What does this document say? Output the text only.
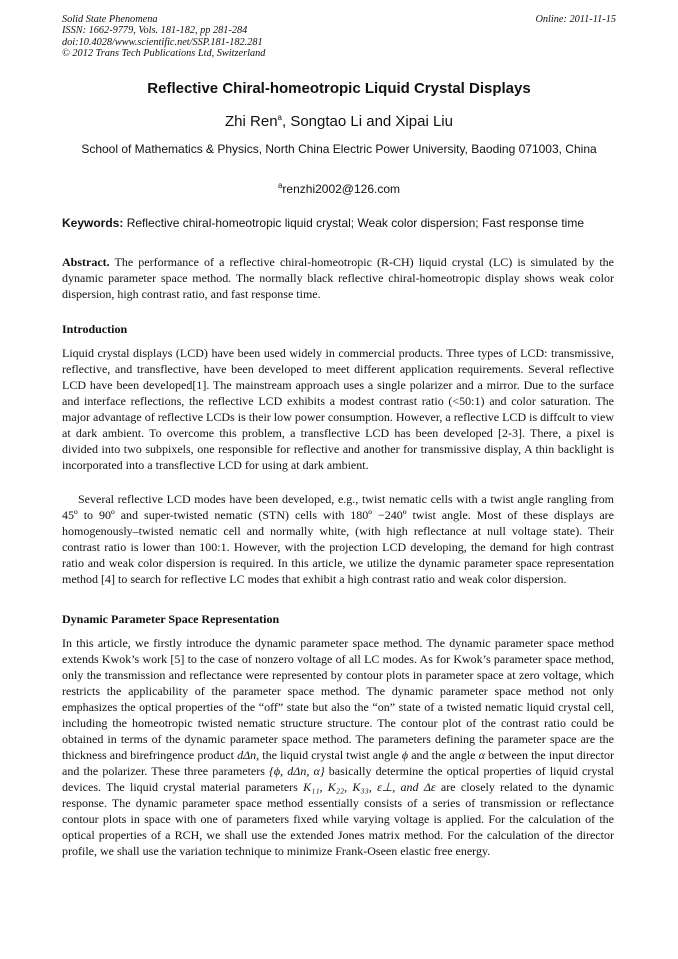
Solid State Phenomena
ISSN: 1662-9779, Vols. 181-182, pp 281-284
doi:10.4028/www.scientific.net/SSP.181-182.281
© 2012 Trans Tech Publications Ltd, Switzerland
Online: 2011-11-15
Reflective Chiral-homeotropic Liquid Crystal Displays
Zhi Ren$^a$, Songtao Li and Xipai Liu
School of Mathematics & Physics, North China Electric Power University, Baoding 071003, China
$^a$renzhi2002@126.com
Keywords: Reflective chiral-homeotropic liquid crystal; Weak color dispersion; Fast response time
Abstract. The performance of a reflective chiral-homeotropic (R-CH) liquid crystal (LC) is simulated by the dynamic parameter space method. The normally black reflective chiral-homeotropic display shows weak color dispersion, high contrast ratio, and fast response time.
Introduction
Liquid crystal displays (LCD) have been used widely in commercial products. Three types of LCD: transmissive, reflective, and transflective, have been developed to meet different application requirements. Several reflective LCD have been developed[1]. The mainstream approach uses a single polarizer and a mirror. Due to the surface and interface reflections, the reflective LCD exhibits a modest contrast ratio (<50:1) and color saturation. The major advantage of reflective LCDs is their low power consumption. However, a reflective LCD is diffcult to view at dark ambient. To overcome this problem, a transflective LCD has been developed [2-3]. There, a pixel is divided into two subpixels, one responsible for reflective and another for transmissive display, A thin backlight is incorporated into a transflective LCD for using at dark ambient.
Several reflective LCD modes have been developed, e.g., twist nematic cells with a twist angle rangling from 45º to 90º and super-twisted nematic (STN) cells with 180º −240º twist angle. Most of these displays are homogenously–twisted nematic cell and normally white, (with high reflectance at null voltage state). Their contrast ratio is lower than 100:1. However, with the projection LCD developing, the demand for high contrast ratio and weak color dispersion is required. In this article, we utilize the dynamic parameter space representation method [4] to search for reflective LC modes that exhibit a high contrast ratio and weak color dispersion.
Dynamic Parameter Space Representation
In this article, we firstly introduce the dynamic parameter space method. The dynamic parameter space method extends Kwok’s work [5] to the case of nonzero voltage of all LC modes. As for Kwok’s parameter space method, only the transmission and reflectance were represented by contour plots in parameter space at zero voltage, which restricts the applicability of the parameter space method. The dynamic parameter space method not only emphasizes the optical properties of the “off” state but also the “on” state of a twisted nematic liquid crystal cell, including the homeotropic twisted nematic structure structure. The contour plot of the contrast ratio could be obtained in terms of the dynamic parameter space method. The parameters defining the parameter space are the thickness and birefringence product dΔn, the liquid crystal twist angle ϕ and the angle α between the input director and the polarizer. These three parameters {ϕ, dΔn, α} basically determine the optical properties of liquid crystal devices. The liquid crystal material parameters K₁₁, K₂₂, K₃₃, ε⊥, and Δε are closely related to the dynamic response. The dynamic parameter space method essentially consists of a series of transmission or reflectance contour plots in space with one of parameters fixed while varying voltage is applied. For the calculation of the optical properties of a RCH, we shall use the extended Jones matrix method. For the calculation of the director profile, we shall use the variation technique to minimize Frank-Oseen elastic free energy.
